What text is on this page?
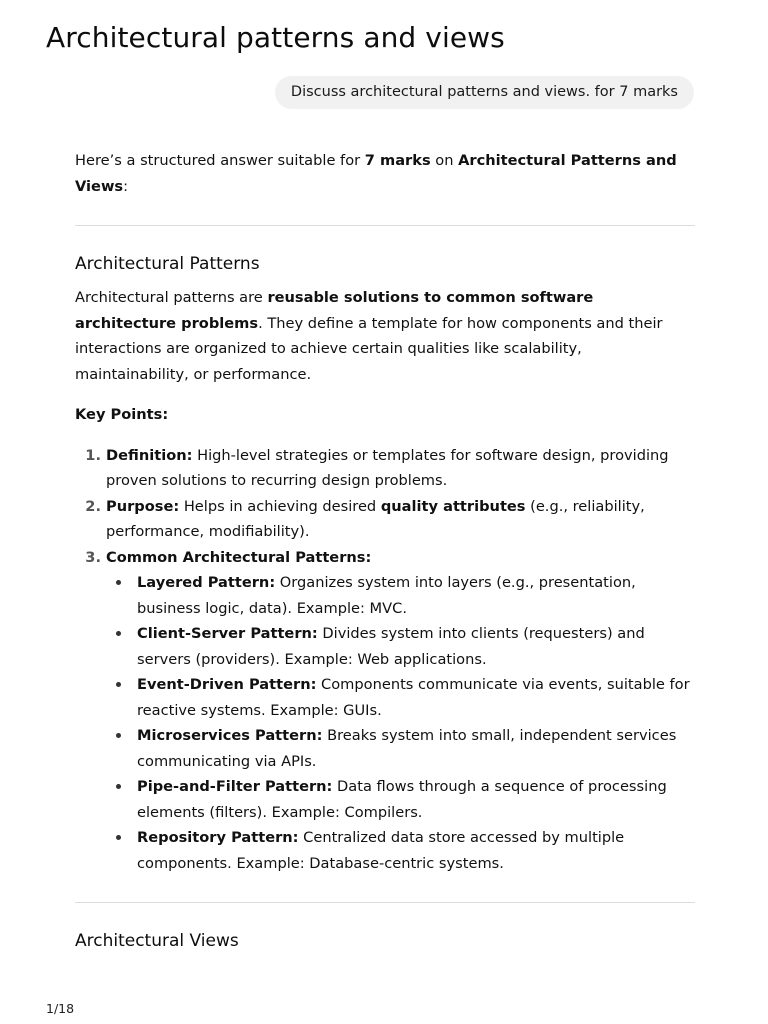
Architectural patterns and views
Discuss architectural patterns and views. for 7 marks

Here’s a structured answer suitable for 7 marks on Architectural Patterns and Views:

Architectural Patterns

Architectural patterns are reusable solutions to common software architecture problems. They define a template for how components and their interactions are organized to achieve certain qualities like scalability, maintainability, or performance.

Key Points:

Definition: High-level strategies or templates for software design, providing proven solutions to recurring design problems.
Purpose: Helps in achieving desired quality attributes (e.g., reliability, performance, modifiability).
Common Architectural Patterns:
Layered Pattern: Organizes system into layers (e.g., presentation, business logic, data). Example: MVC.
Client-Server Pattern: Divides system into clients (requesters) and servers (providers). Example: Web applications.
Event-Driven Pattern: Components communicate via events, suitable for reactive systems. Example: GUIs.
Microservices Pattern: Breaks system into small, independent services communicating via APIs.
Pipe-and-Filter Pattern: Data flows through a sequence of processing elements (filters). Example: Compilers.
Repository Pattern: Centralized data store accessed by multiple components. Example: Database-centric systems.
Architectural Views
1/18
